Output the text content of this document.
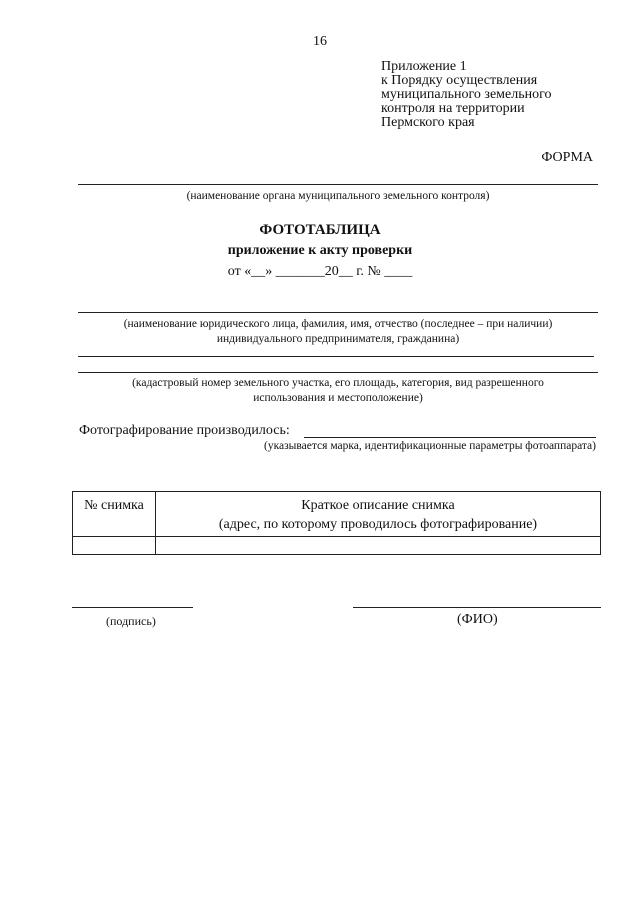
16
Приложение 1
к Порядку осуществления
муниципального земельного
контроля на территории
Пермского края
ФОРМА
(наименование органа муниципального земельного контроля)
ФОТОТАБЛИЦА
приложение к акту проверки
от «__» _______20__ г. № ____
(наименование юридического лица, фамилия, имя, отчество (последнее – при наличии)
индивидуального предпринимателя, гражданина)
(кадастровый номер земельного участка, его площадь, категория, вид разрешенного
использования и местоположение)
Фотографирование производилось:
(указывается марка, идентификационные параметры фотоаппарата)
№ снимка	Краткое описание снимка
(адрес, по которому проводилось фотографирование)

(подпись)	(ФИО)
